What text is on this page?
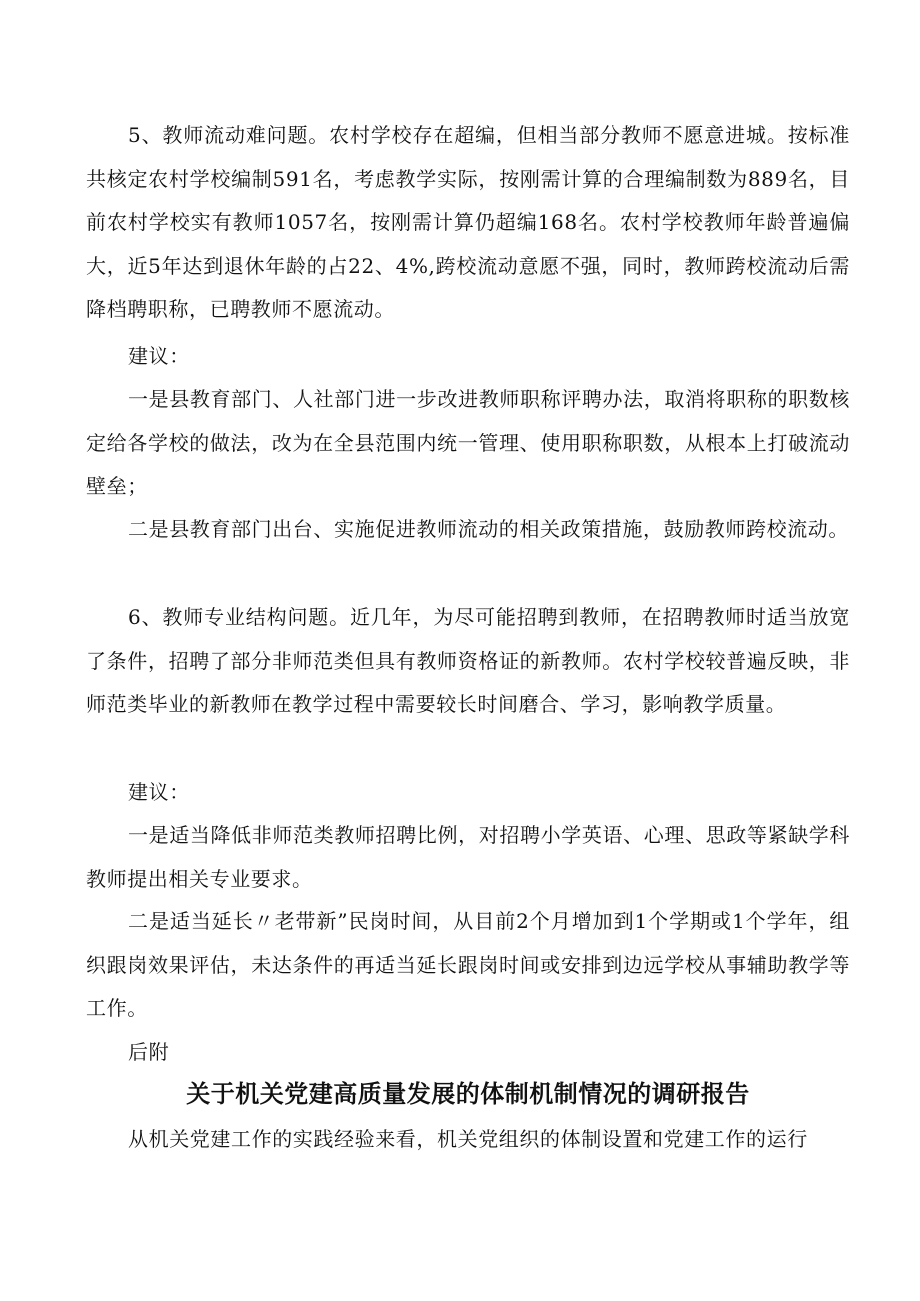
5、教师流动难问题。农村学校存在超编，但相当部分教师不愿意进城。按标准共核定农村学校编制591名，考虑教学实际，按刚需计算的合理编制数为889名，目前农村学校实有教师1057名，按刚需计算仍超编168名。农村学校教师年龄普遍偏大，近5年达到退休年龄的占22、4%,跨校流动意愿不强，同时，教师跨校流动后需降档聘职称，已聘教师不愿流动。

建议：

一是县教育部门、人社部门进一步改进教师职称评聘办法，取消将职称的职数核定给各学校的做法，改为在全县范围内统一管理、使用职称职数，从根本上打破流动壁垒；

二是县教育部门出台、实施促进教师流动的相关政策措施，鼓励教师跨校流动。

6、教师专业结构问题。近几年，为尽可能招聘到教师，在招聘教师时适当放宽了条件，招聘了部分非师范类但具有教师资格证的新教师。农村学校较普遍反映，非师范类毕业的新教师在教学过程中需要较长时间磨合、学习，影响教学质量。

建议：

一是适当降低非师范类教师招聘比例，对招聘小学英语、心理、思政等紧缺学科教师提出相关专业要求。

二是适当延长〃老带新”民岗时间，从目前2个月增加到1个学期或1个学年，组织跟岗效果评估，未达条件的再适当延长跟岗时间或安排到边远学校从事辅助教学等工作。

后附

关于机关党建高质量发展的体制机制情况的调研报告

从机关党建工作的实践经验来看，机关党组织的体制设置和党建工作的运行
